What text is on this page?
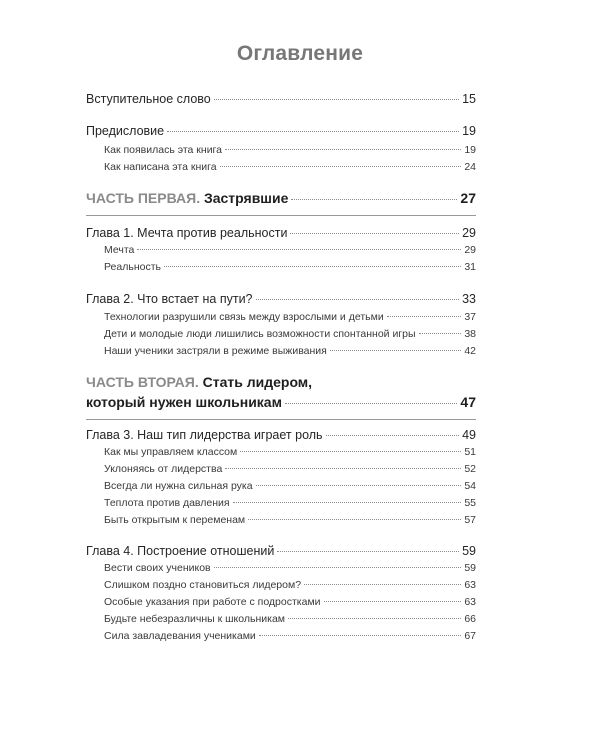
Оглавление
Вступительное слово	15
Предисловие	19
Как появилась эта книга	19
Как написана эта книга	24
ЧАСТЬ ПЕРВАЯ. Застрявшие	27
Глава 1. Мечта против реальности	29
Мечта	29
Реальность	31
Глава 2. Что встает на пути?	33
Технологии разрушили связь между взрослыми и детьми	37
Дети и молодые люди лишились возможности спонтанной игры	38
Наши ученики застряли в режиме выживания	42
ЧАСТЬ ВТОРАЯ. Стать лидером,
который нужен школьникам	47
Глава 3. Наш тип лидерства играет роль	49
Как мы управляем классом	51
Уклоняясь от лидерства	52
Всегда ли нужна сильная рука	54
Теплота против давления	55
Быть открытым к переменам	57
Глава 4. Построение отношений	59
Вести своих учеников	59
Слишком поздно становиться лидером?	63
Особые указания при работе с подростками	63
Будьте небезразличны к школьникам	66
Сила завладевания учениками	67
